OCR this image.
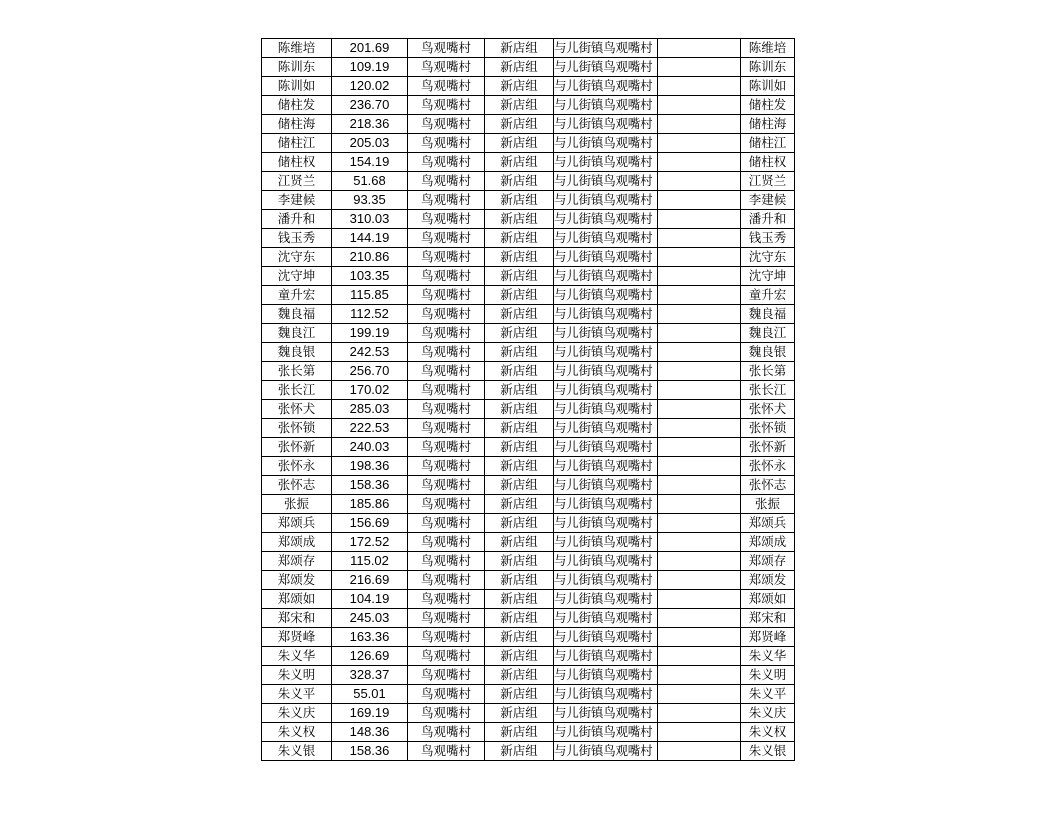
陈维培	201.69	鸟观嘴村	新店组	与儿街镇鸟观嘴村		陈维培
陈训东	109.19	鸟观嘴村	新店组	与儿街镇鸟观嘴村		陈训东
陈训如	120.02	鸟观嘴村	新店组	与儿街镇鸟观嘴村		陈训如
储柱发	236.70	鸟观嘴村	新店组	与儿街镇鸟观嘴村		储柱发
储柱海	218.36	鸟观嘴村	新店组	与儿街镇鸟观嘴村		储柱海
储柱江	205.03	鸟观嘴村	新店组	与儿街镇鸟观嘴村		储柱江
储柱权	154.19	鸟观嘴村	新店组	与儿街镇鸟观嘴村		储柱权
江贤兰	51.68	鸟观嘴村	新店组	与儿街镇鸟观嘴村		江贤兰
李建候	93.35	鸟观嘴村	新店组	与儿街镇鸟观嘴村		李建候
潘升和	310.03	鸟观嘴村	新店组	与儿街镇鸟观嘴村		潘升和
钱玉秀	144.19	鸟观嘴村	新店组	与儿街镇鸟观嘴村		钱玉秀
沈守东	210.86	鸟观嘴村	新店组	与儿街镇鸟观嘴村		沈守东
沈守坤	103.35	鸟观嘴村	新店组	与儿街镇鸟观嘴村		沈守坤
童升宏	115.85	鸟观嘴村	新店组	与儿街镇鸟观嘴村		童升宏
魏良福	112.52	鸟观嘴村	新店组	与儿街镇鸟观嘴村		魏良福
魏良江	199.19	鸟观嘴村	新店组	与儿街镇鸟观嘴村		魏良江
魏良银	242.53	鸟观嘴村	新店组	与儿街镇鸟观嘴村		魏良银
张长第	256.70	鸟观嘴村	新店组	与儿街镇鸟观嘴村		张长第
张长江	170.02	鸟观嘴村	新店组	与儿街镇鸟观嘴村		张长江
张怀犬	285.03	鸟观嘴村	新店组	与儿街镇鸟观嘴村		张怀犬
张怀锁	222.53	鸟观嘴村	新店组	与儿街镇鸟观嘴村		张怀锁
张怀新	240.03	鸟观嘴村	新店组	与儿街镇鸟观嘴村		张怀新
张怀永	198.36	鸟观嘴村	新店组	与儿街镇鸟观嘴村		张怀永
张怀志	158.36	鸟观嘴村	新店组	与儿街镇鸟观嘴村		张怀志
张振	185.86	鸟观嘴村	新店组	与儿街镇鸟观嘴村		张振
郑颂兵	156.69	鸟观嘴村	新店组	与儿街镇鸟观嘴村		郑颂兵
郑颂成	172.52	鸟观嘴村	新店组	与儿街镇鸟观嘴村		郑颂成
郑颂存	115.02	鸟观嘴村	新店组	与儿街镇鸟观嘴村		郑颂存
郑颂发	216.69	鸟观嘴村	新店组	与儿街镇鸟观嘴村		郑颂发
郑颂如	104.19	鸟观嘴村	新店组	与儿街镇鸟观嘴村		郑颂如
郑宋和	245.03	鸟观嘴村	新店组	与儿街镇鸟观嘴村		郑宋和
郑贤峰	163.36	鸟观嘴村	新店组	与儿街镇鸟观嘴村		郑贤峰
朱义华	126.69	鸟观嘴村	新店组	与儿街镇鸟观嘴村		朱义华
朱义明	328.37	鸟观嘴村	新店组	与儿街镇鸟观嘴村		朱义明
朱义平	55.01	鸟观嘴村	新店组	与儿街镇鸟观嘴村		朱义平
朱义庆	169.19	鸟观嘴村	新店组	与儿街镇鸟观嘴村		朱义庆
朱义权	148.36	鸟观嘴村	新店组	与儿街镇鸟观嘴村		朱义权
朱义银	158.36	鸟观嘴村	新店组	与儿街镇鸟观嘴村		朱义银
